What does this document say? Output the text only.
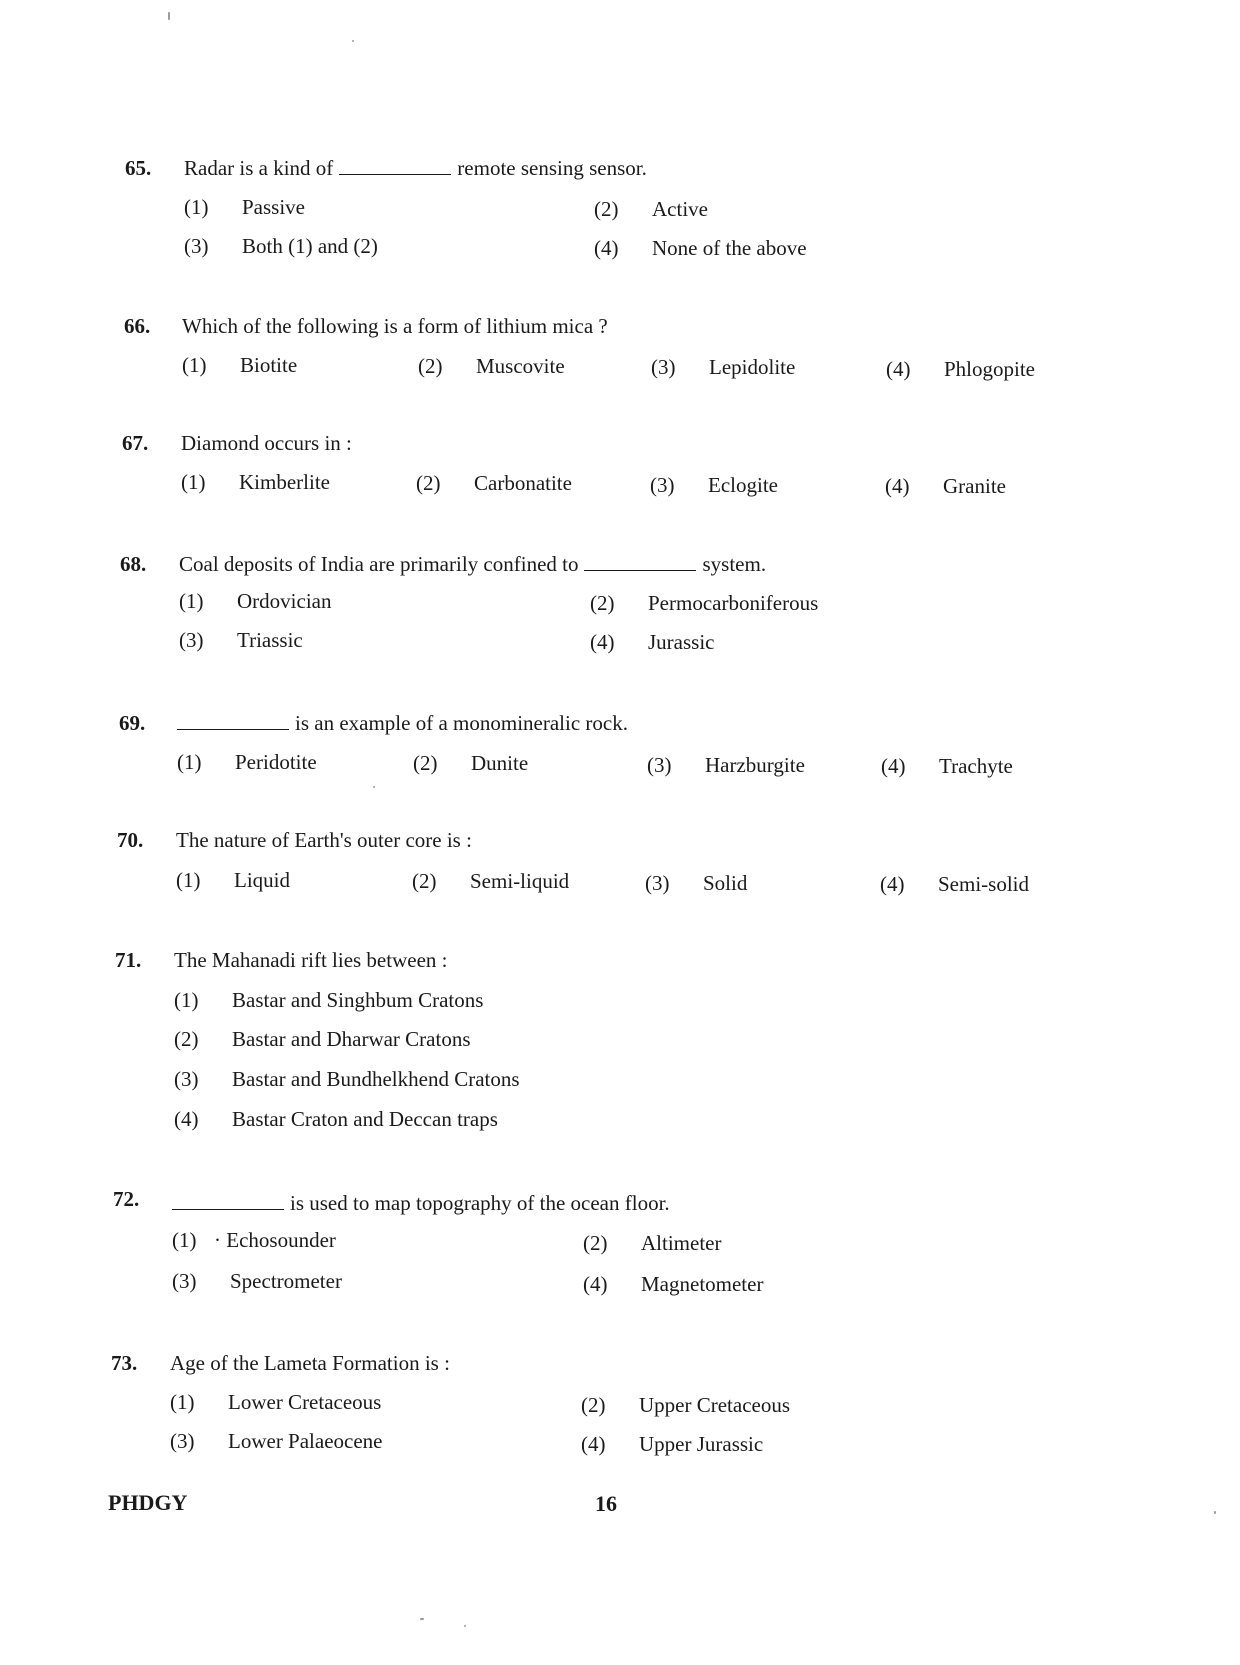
65. Radar is a kind of	remote sensing sensor.
(1) Passive	(2) Active
(3) Both (1) and (2)	(4) None of the above
66. Which of the following is a form of lithium mica ?
(1) Biotite	(2) Muscovite	(3) Lepidolite	(4) Phlogopite
67. Diamond occurs in :
(1) Kimberlite	(2) Carbonatite	(3) Eclogite	(4) Granite
68. Coal deposits of India are primarily confined to	system.
(1) Ordovician	(2) Permocarboniferous
(3) Triassic	(4) Jurassic
69.	is an example of a monomineralic rock.
(1) Peridotite	(2) Dunite	(3) Harzburgite	(4) Trachyte
70. The nature of Earth's outer core is :
(1) Liquid	(2) Semi-liquid	(3) Solid	(4) Semi-solid
71. The Mahanadi rift lies between :
(1) Bastar and Singhbum Cratons
(2) Bastar and Dharwar Cratons
(3) Bastar and Bundhelkhend Cratons
(4) Bastar Craton and Deccan traps
72.	is used to map topography of the ocean floor.
(1) · Echosounder	(2) Altimeter
(3) Spectrometer	(4) Magnetometer
73. Age of the Lameta Formation is :
(1) Lower Cretaceous	(2) Upper Cretaceous
(3) Lower Palaeocene	(4) Upper Jurassic
PHDGY	16
